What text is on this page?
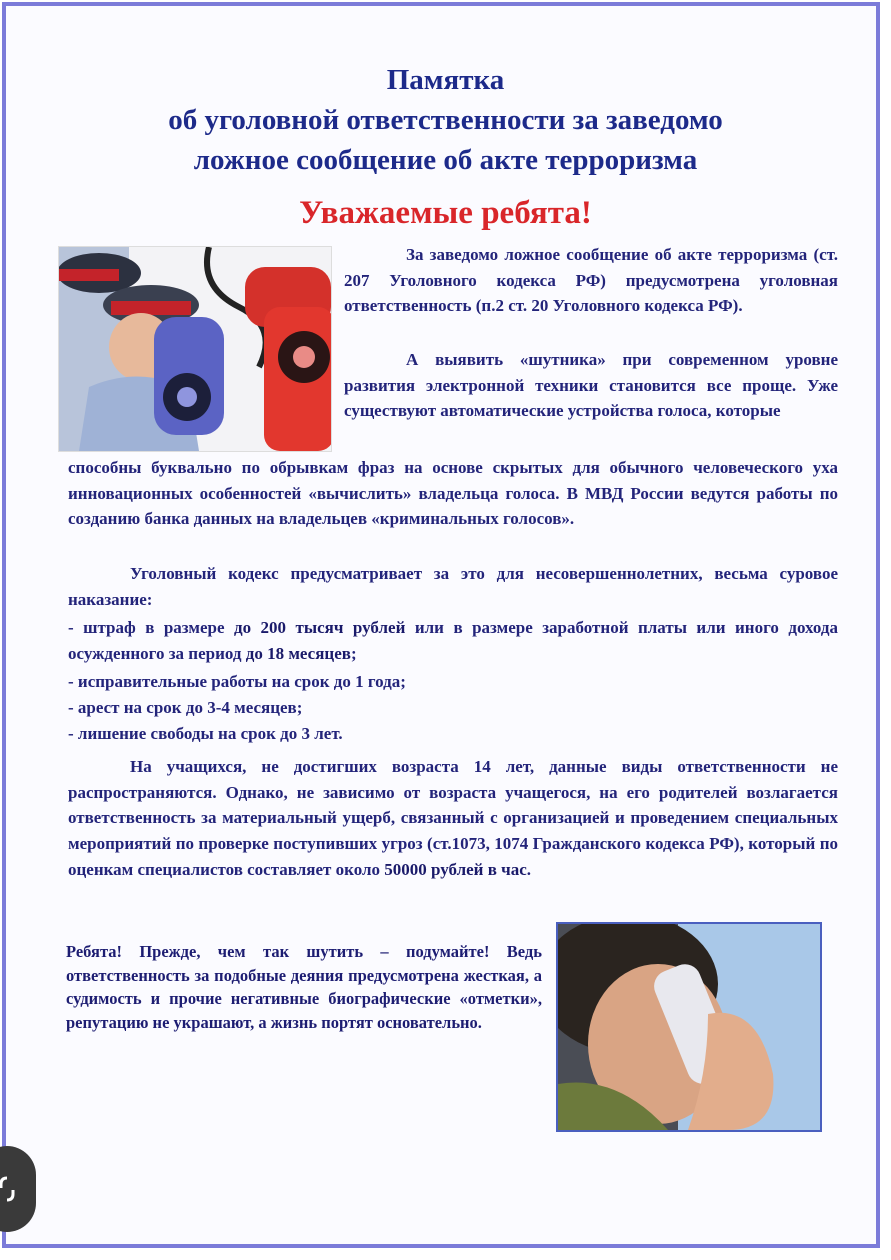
Памятка
об уголовной ответственности за заведомо
ложное сообщение об акте терроризма
Уважаемые ребята!
За заведомо ложное сообщение об акте терроризма (ст. 207 Уголовного кодекса РФ) предусмотрена уголовная ответственность (п.2 ст. 20 Уголовного кодекса РФ).
А выявить «шутника» при современном уровне развития электронной техники становится все проще. Уже существуют автоматические устройства голоса, которые
способны буквально по обрывкам фраз на основе скрытых для обычного человеческого уха инновационных особенностей «вычислить» владельца голоса. В МВД России ведутся работы по созданию банка данных на владельцев «криминальных голосов».
Уголовный кодекс предусматривает за это для несовершеннолетних, весьма суровое наказание:
- штраф в размере до 200 тысяч рублей или в размере заработной платы или иного дохода осужденного за период до 18 месяцев;
- исправительные работы на срок до 1 года;
- арест на срок до 3-4 месяцев;
- лишение свободы на срок до 3 лет.
На учащихся, не достигших возраста 14 лет, данные виды ответственности не распространяются. Однако, не зависимо от возраста учащегося, на его родителей возлагается ответственность за материальный ущерб, связанный с организацией и проведением специальных мероприятий по проверке поступивших угроз (ст.1073, 1074 Гражданского кодекса РФ), который по оценкам специалистов составляет около 50000 рублей в час.
Ребята! Прежде, чем так шутить – подумайте! Ведь ответственность за подобные деяния предусмотрена жесткая, а судимость и прочие негативные биографические «отметки», репутацию не украшают, а жизнь портят основательно.
